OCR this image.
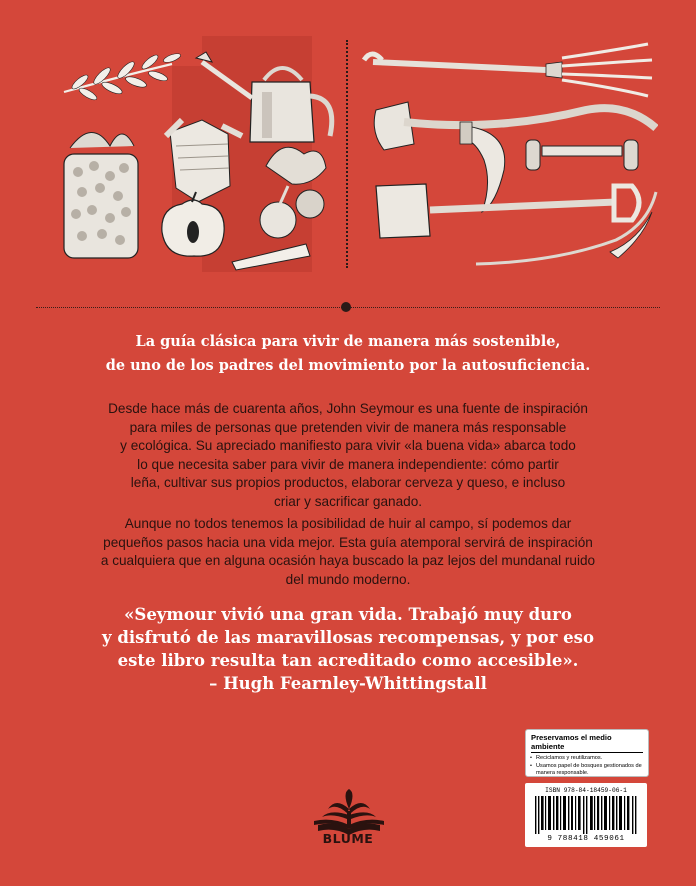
La guía clásica para vivir de manera más sostenible,
de uno de los padres del movimiento por la autosuficiencia.
Desde hace más de cuarenta años, John Seymour es una fuente de inspiración
para miles de personas que pretenden vivir de manera más responsable
y ecológica. Su apreciado manifiesto para vivir «la buena vida» abarca todo
lo que necesita saber para vivir de manera independiente: cómo partir
leña, cultivar sus propios productos, elaborar cerveza y queso, e incluso
criar y sacrificar ganado.
Aunque no todos tenemos la posibilidad de huir al campo, sí podemos dar
pequeños pasos hacia una vida mejor. Esta guía atemporal servirá de inspiración
a cualquiera que en alguna ocasión haya buscado la paz lejos del mundanal ruido
del mundo moderno.
«Seymour vivió una gran vida. Trabajó muy duro
y disfrutó de las maravillosas recompensas, y por eso
este libro resulta tan acreditado como accesible».
– Hugh Fearnley-Whittingstall
Preservamos el medio ambiente
• Reciclamos y reutilizamos.
• Usamos papel de bosques gestionados de manera responsable.
ISBN 978-84-18459-06-1
9 788418 459061
BLUME
